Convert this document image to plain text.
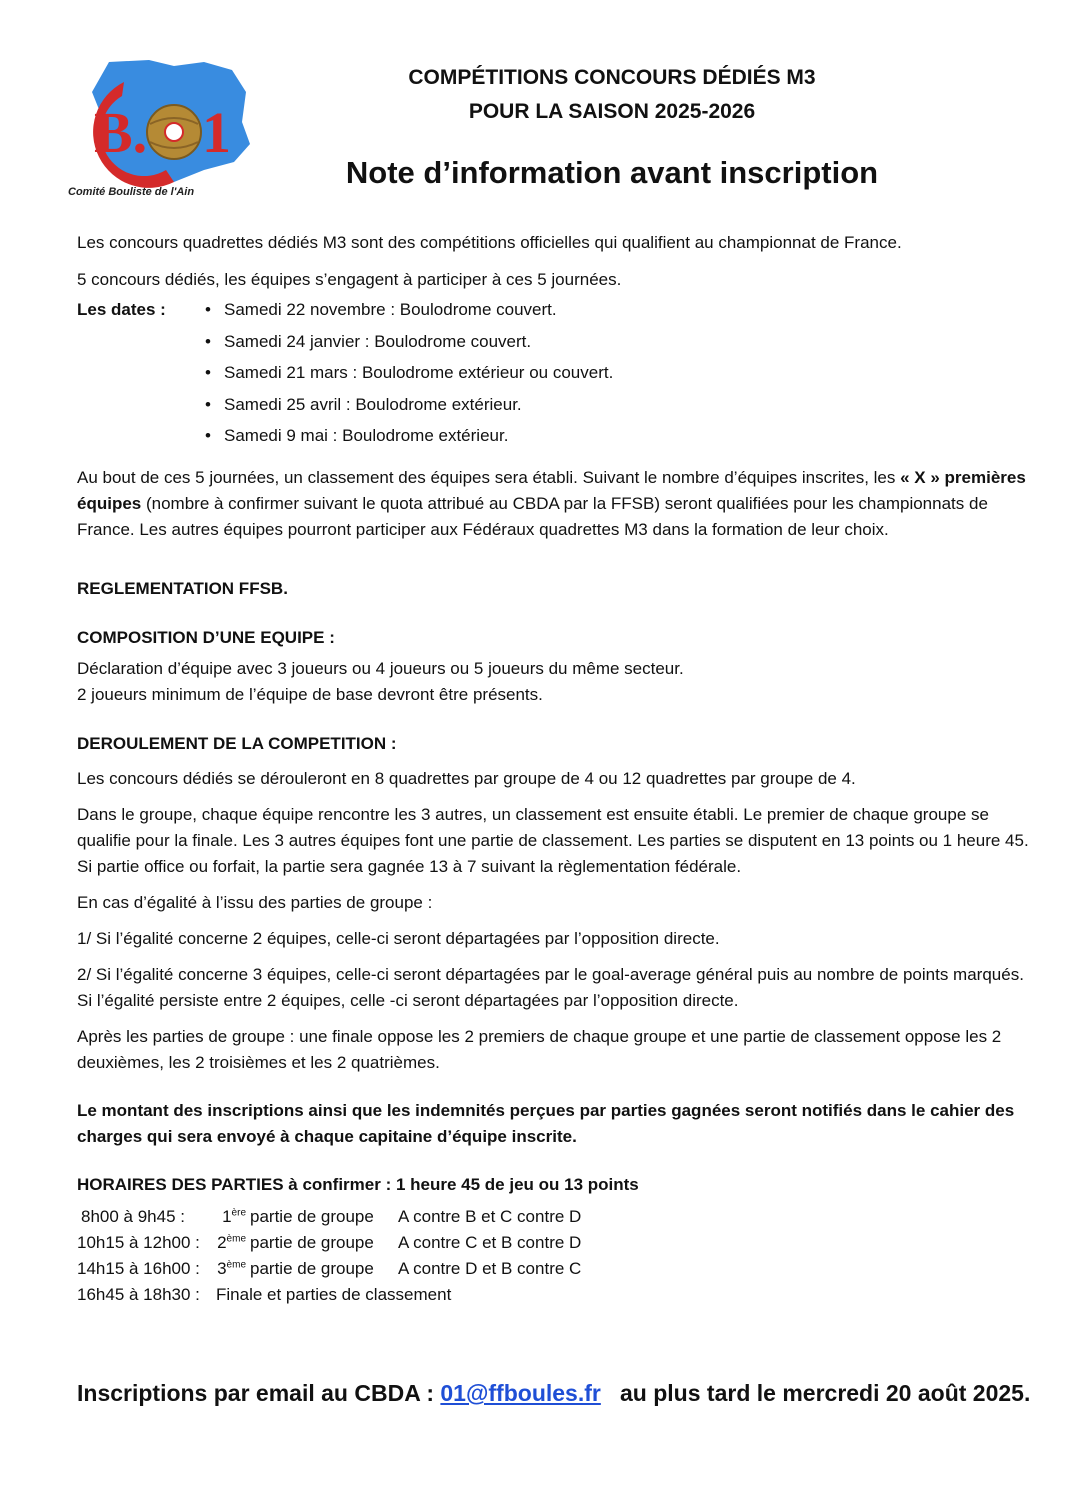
B. 1
Comité Bouliste de l'Ain
COMPÉTITIONS CONCOURS DÉDIÉS M3
POUR LA SAISON 2025-2026
Note d’information avant inscription

Les concours quadrettes dédiés M3 sont des compétitions officielles qui qualifient au championnat de France.

5 concours dédiés, les équipes s’engagent à participer à ces 5 journées.

Les dates :
•	Samedi 22 novembre : Boulodrome couvert.
• Samedi 24 janvier : Boulodrome couvert.
• Samedi 21 mars : Boulodrome extérieur ou couvert.
• Samedi 25 avril : Boulodrome extérieur.
• Samedi 9 mai : Boulodrome extérieur.

Au bout de ces 5 journées, un classement des équipes sera établi. Suivant le nombre d’équipes inscrites, les « X » premières équipes (nombre à confirmer suivant le quota attribué au CBDA par la FFSB) seront qualifiées pour les championnats de France. Les autres équipes pourront participer aux Fédéraux quadrettes M3 dans la formation de leur choix.

REGLEMENTATION FFSB.

COMPOSITION D’UNE EQUIPE :

Déclaration d’équipe avec 3 joueurs ou 4 joueurs ou 5 joueurs du même secteur.

2 joueurs minimum de l’équipe de base devront être présents.

DEROULEMENT DE LA COMPETITION :

Les concours dédiés se dérouleront en 8 quadrettes par groupe de 4 ou 12 quadrettes par groupe de 4.

Dans le groupe, chaque équipe rencontre les 3 autres, un classement est ensuite établi. Le premier de chaque groupe se qualifie pour la finale. Les 3 autres équipes font une partie de classement. Les parties se disputent en 13 points ou 1 heure 45. Si partie office ou forfait, la partie sera gagnée 13 à 7 suivant la règlementation fédérale.

En cas d’égalité à l’issu des parties de groupe :

1/ Si l’égalité concerne 2 équipes, celle-ci seront départagées par l’opposition directe.

2/ Si l’égalité concerne 3 équipes, celle-ci seront départagées par le goal-average général puis au nombre de points marqués. Si l’égalité persiste entre 2 équipes, celle -ci seront départagées par l’opposition directe.

Après les parties de groupe : une finale oppose les 2 premiers de chaque groupe et une partie de classement oppose les 2 deuxièmes, les 2 troisièmes et les 2 quatrièmes.

Le montant des inscriptions ainsi que les indemnités perçues par parties gagnées seront notifiés dans le cahier des charges qui sera envoyé à chaque capitaine d’équipe inscrite.

HORAIRES DES PARTIES à confirmer : 1 heure 45 de jeu ou 13 points

8h00 à 9h45 :	1ère partie de groupe	A contre B et C contre D
10h15 à 12h00 :	2ème partie de groupe	A contre C et B contre D
14h15 à 16h00 :	3ème partie de groupe	A contre D et B contre C
16h45 à 18h30 : Finale et parties de classement
Inscriptions par email au CBDA : 01@ffboules.fr au plus tard le mercredi 20 août 2025.
